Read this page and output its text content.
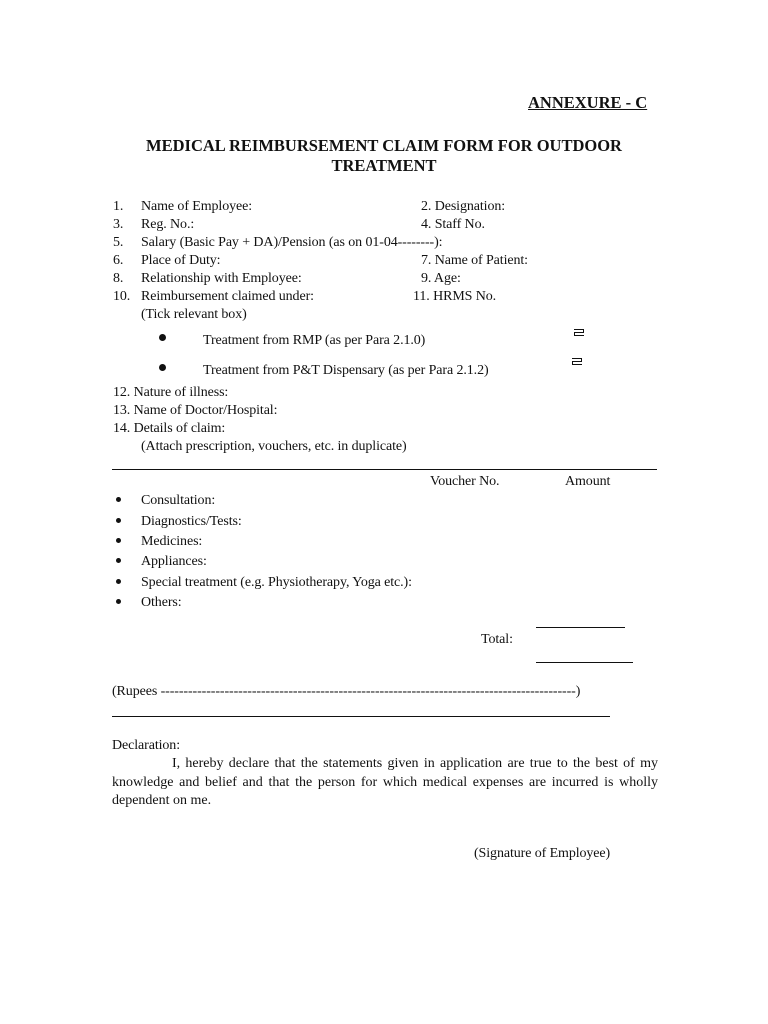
ANNEXURE - C
MEDICAL REIMBURSEMENT CLAIM FORM FOR OUTDOOR TREATMENT
1. Name of Employee:	2. Designation:
3. Reg. No.:	4. Staff No.
5. Salary (Basic Pay + DA)/Pension (as on 01-04--------):
6. Place of Duty:	7. Name of Patient:
8. Relationship with Employee:	9. Age:
10. Reimbursement claimed under:	11. HRMS No.
(Tick relevant box)
Treatment from RMP (as per Para 2.1.0)
Treatment from P&T Dispensary (as per Para 2.1.2)
12. Nature of illness:
13. Name of Doctor/Hospital:
14. Details of claim:
(Attach prescription, vouchers, etc. in duplicate)
Voucher No.	Amount
Consultation:
Diagnostics/Tests:
Medicines:
Appliances:
Special treatment (e.g. Physiotherapy, Yoga etc.):
Others:
Total:
(Rupees -------------------------------------------------------------------------------------------)
Declaration:

I, hereby declare that the statements given in application are true to the best of my knowledge and belief and that the person for which medical expenses are incurred is wholly dependent on me.

(Signature of Employee)
